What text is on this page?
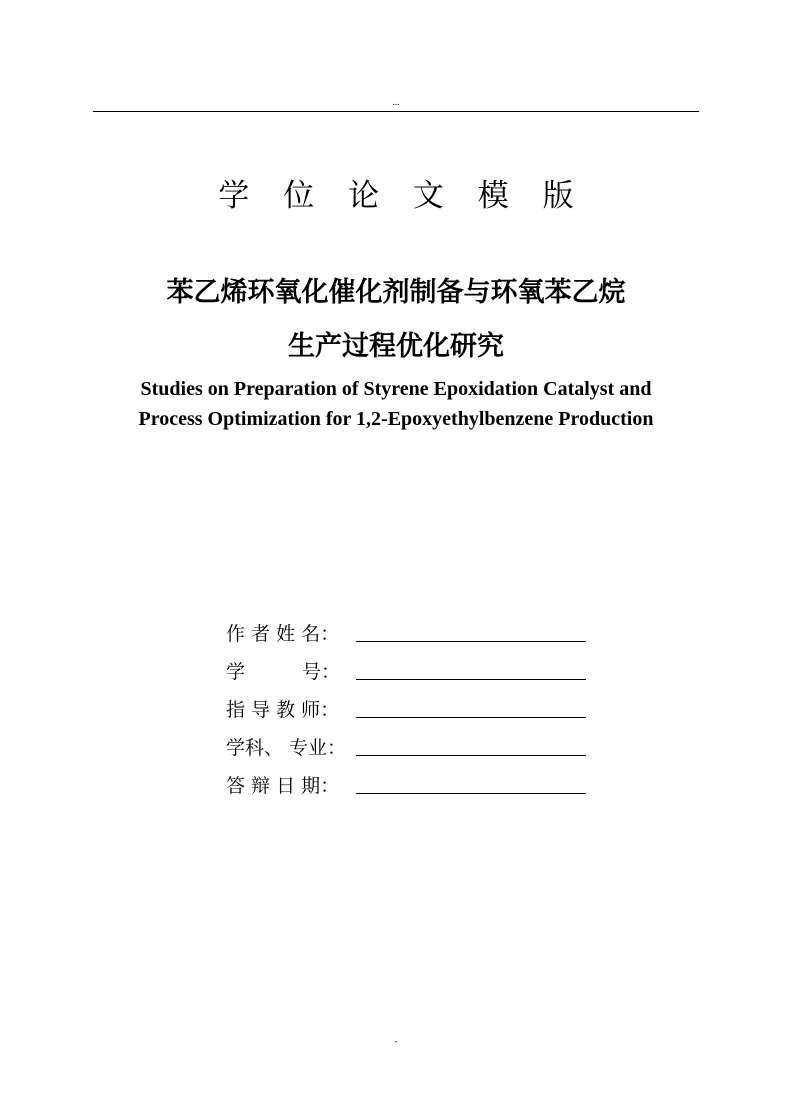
...
学 位 论 文 模 版
苯乙烯环氧化催化剂制备与环氧苯乙烷
生产过程优化研究
Studies on Preparation of Styrene Epoxidation Catalyst and
Process Optimization for 1,2-Epoxyethylbenzene Production
作 者 姓 名：
学　　　号：
指 导 教 师：
学科、 专业：
答 辩 日 期：
-
